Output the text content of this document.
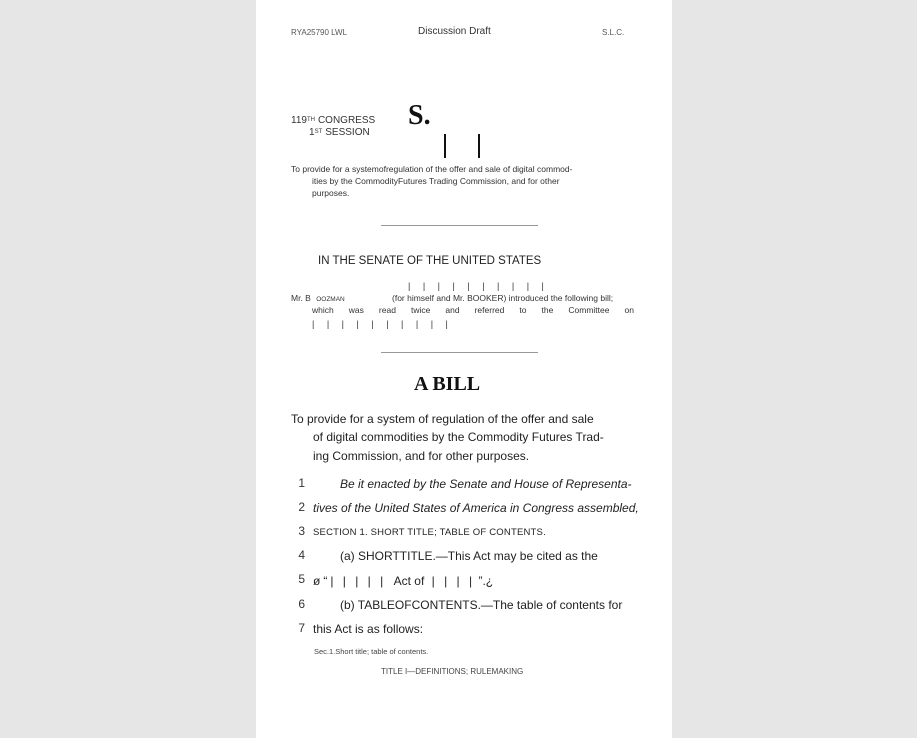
RYA25790 LWL	Discussion Draft	S.L.C.
119TH CONGRESS
1ST SESSION
S.
To provide for a systemofregulation of the offer and sale of digital commod-
ities by the CommodityFutures Trading Commission, and for other
purposes.
IN THE SENATE OF THE UNITED STATES
| | | | | | | | | |
Mr. B OOZMAN	(for himself and Mr. BOOKER) introduced the following bill;
which was read twice and referred to the Committee on
| | | | | | | | | |
A BILL
To provide for a system of regulation of the offer and sale
of digital commodities by the Commodity Futures Trad-
ing Commission, and for other purposes.
1	Be it enacted by the Senate and House of Representa-
2 tives of the United States of America in Congress assembled,
3 SECTION 1. SHORT TITLE; TABLE OF CONTENTS.
4	(a) SHORTTITLE.—This Act may be cited as the
5 ø“| | | | | Act of | | | | ”.¿
6	(b) TABLEOFCONTENTS.—The table of contents for
7 this Act is as follows:
Sec.1.Short title; table of contents.
TITLE I—DEFINITIONS; RULEMAKING
